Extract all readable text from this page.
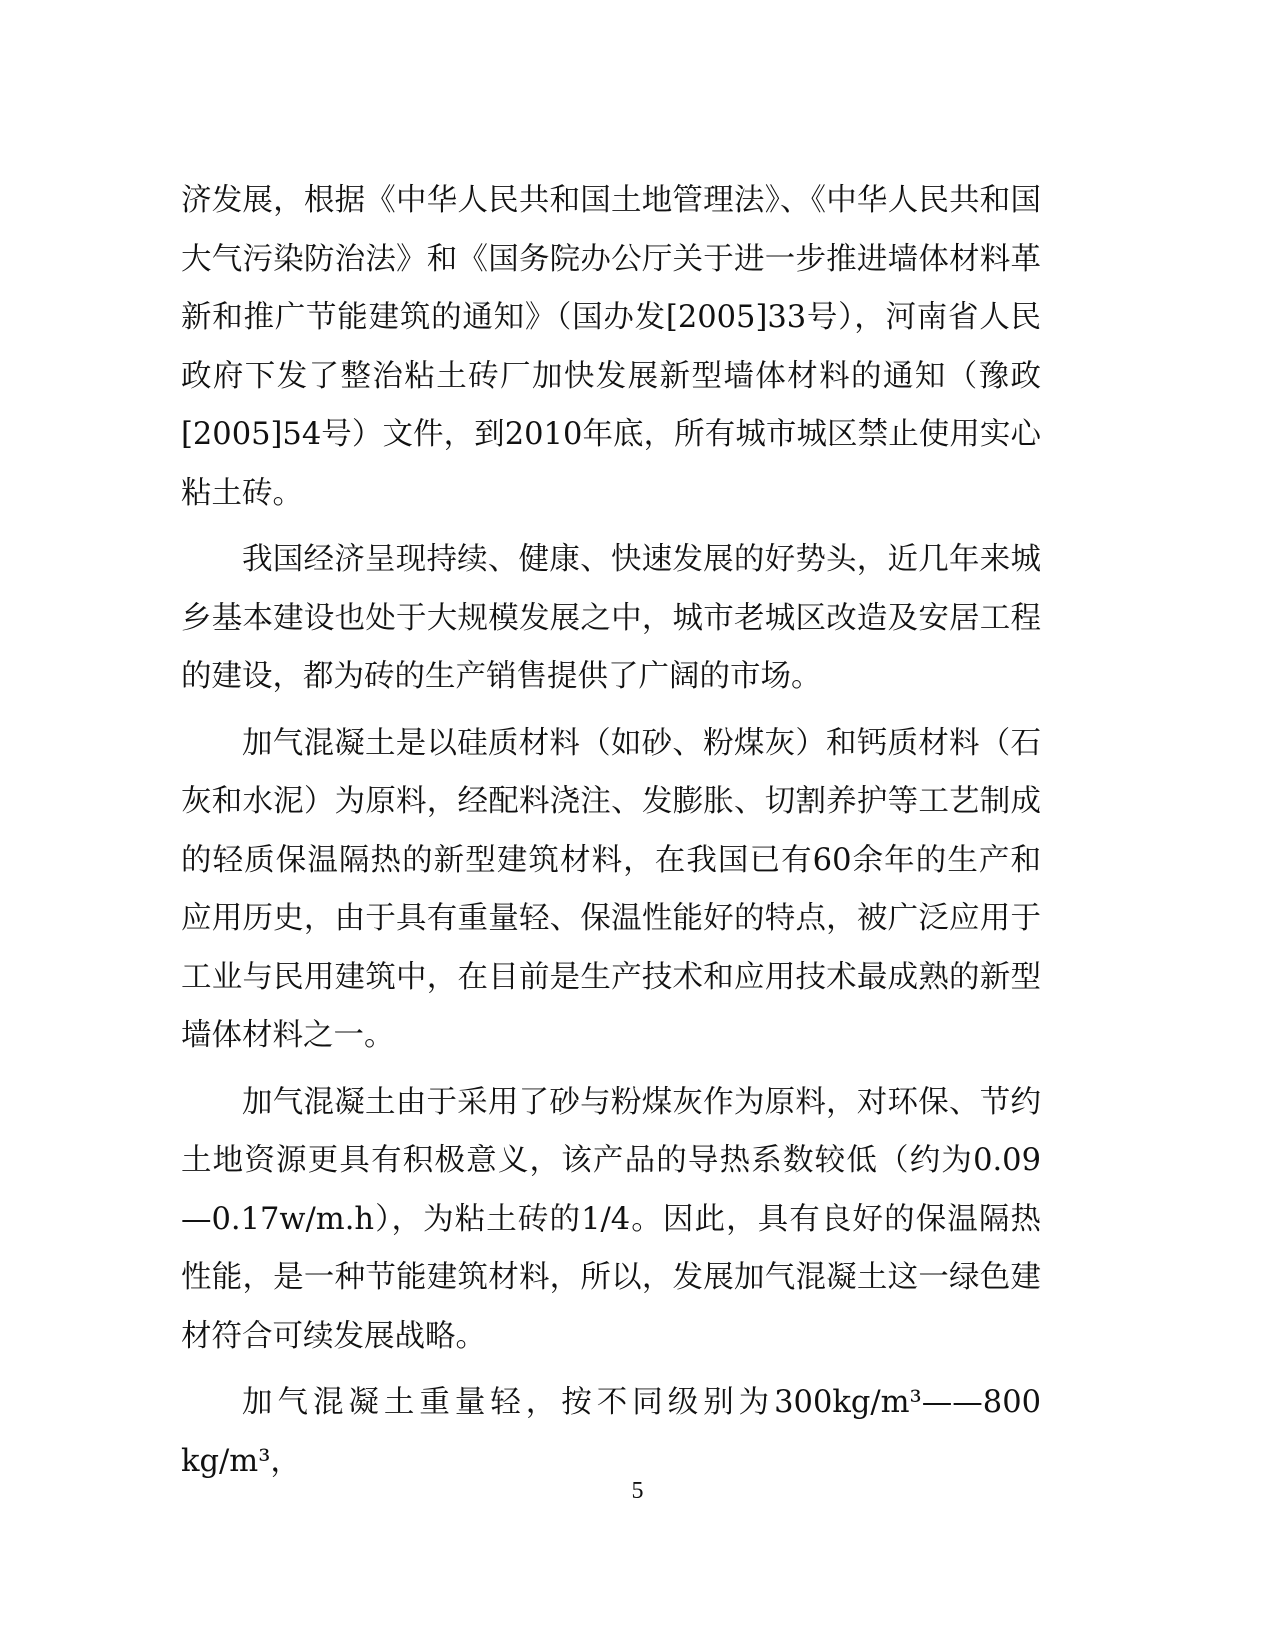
济发展，根据《中华人民共和国土地管理法》、《中华人民共和国大气污染防治法》和《国务院办公厅关于进一步推进墙体材料革新和推广节能建筑的通知》（国办发[2005]33号），河南省人民政府下发了整治粘土砖厂加快发展新型墙体材料的通知（豫政[2005]54号）文件，到2010年底，所有城市城区禁止使用实心粘土砖。

我国经济呈现持续、健康、快速发展的好势头，近几年来城乡基本建设也处于大规模发展之中，城市老城区改造及安居工程的建设，都为砖的生产销售提供了广阔的市场。

加气混凝土是以硅质材料（如砂、粉煤灰）和钙质材料（石灰和水泥）为原料，经配料浇注、发膨胀、切割养护等工艺制成的轻质保温隔热的新型建筑材料，在我国已有60余年的生产和应用历史，由于具有重量轻、保温性能好的特点，被广泛应用于工业与民用建筑中，在目前是生产技术和应用技术最成熟的新型墙体材料之一。

加气混凝土由于采用了砂与粉煤灰作为原料，对环保、节约土地资源更具有积极意义，该产品的导热系数较低（约为0.09—0.17w/m.h），为粘土砖的1/4。因此，具有良好的保温隔热性能，是一种节能建筑材料，所以，发展加气混凝土这一绿色建材符合可续发展战略。

加气混凝土重量轻，按不同级别为300kg/m³——800 kg/m³，

5
